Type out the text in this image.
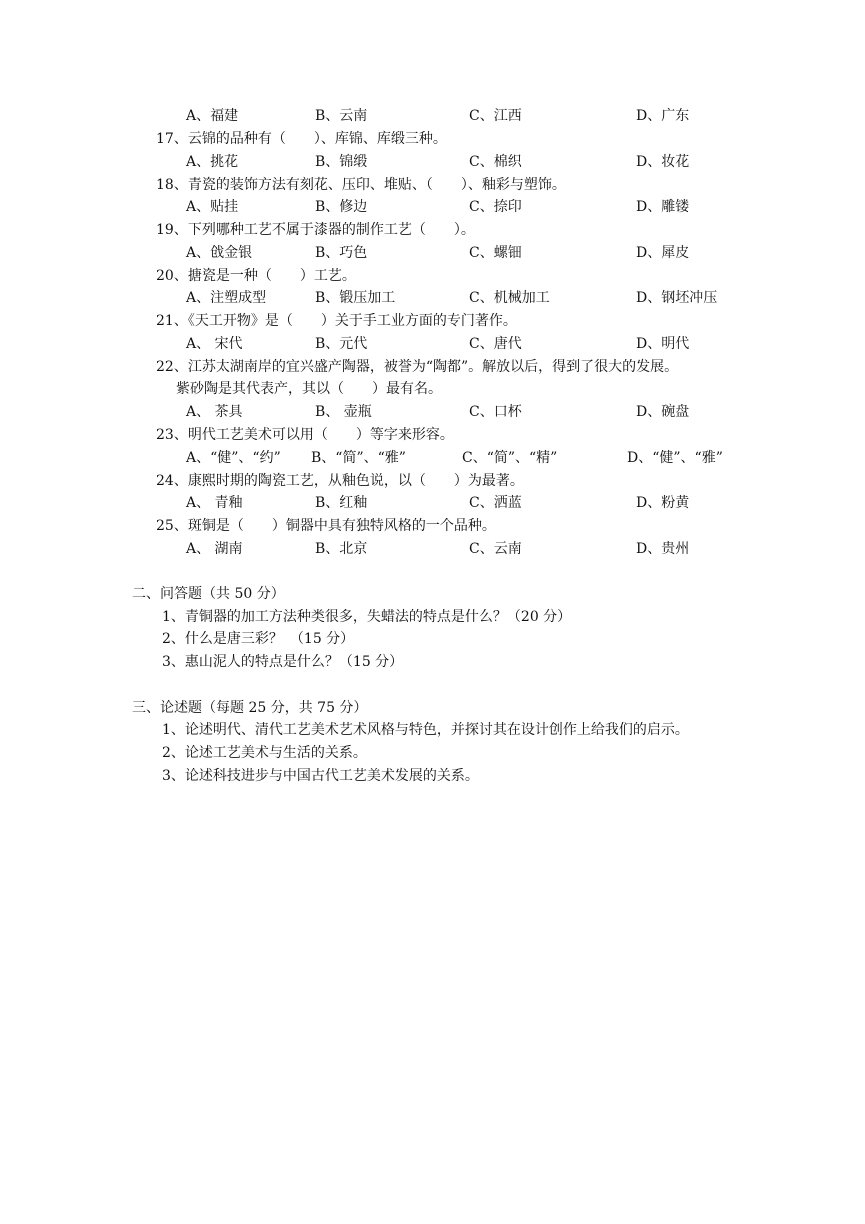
A、福建	B、云南	C、江西	D、广东
17、云锦的品种有（　　）、库锦、库缎三种。
A、挑花	B、锦缎	C、棉织	D、妆花
18、青瓷的装饰方法有刻花、压印、堆贴、（　　）、釉彩与塑饰。
A、贴挂	B、修边	C、捺印	D、雕镂
19、下列哪种工艺不属于漆器的制作工艺（　　）。
A、戗金银	B、巧色	C、螺钿	D、犀皮
20、搪瓷是一种（　　）工艺。
A、注塑成型	B、锻压加工	C、机械加工	D、钢坯冲压
21、《天工开物》是（　　）关于手工业方面的专门著作。
A、 宋代	B、元代	C、唐代	D、明代
22、江苏太湖南岸的宜兴盛产陶器，被誉为“陶都”。解放以后，得到了很大的发展。
紫砂陶是其代表产，其以（　　）最有名。
A、 茶具	B、 壶瓶	C、口杯	D、碗盘
23、明代工艺美术可以用（　　）等字来形容。
A、“健”、“约” B、“简”、“雅”	C、“简”、“精”	D、“健”、“雅”
24、康熙时期的陶瓷工艺，从釉色说，以（　　）为最著。
A、 青釉	B、红釉	C、洒蓝	D、粉黄
25、斑铜是（　　）铜器中具有独特风格的一个品种。
A、 湖南	B、北京	C、云南	D、贵州
二、问答题（共 50 分）
1、青铜器的加工方法种类很多，失蜡法的特点是什么？（20 分）
2、什么是唐三彩？　（15 分）
3、惠山泥人的特点是什么？（15 分）
三、论述题（每题 25 分，共 75 分）
1、论述明代、清代工艺美术艺术风格与特色，并探讨其在设计创作上给我们的启示。
2、论述工艺美术与生活的关系。
3、论述科技进步与中国古代工艺美术发展的关系。
